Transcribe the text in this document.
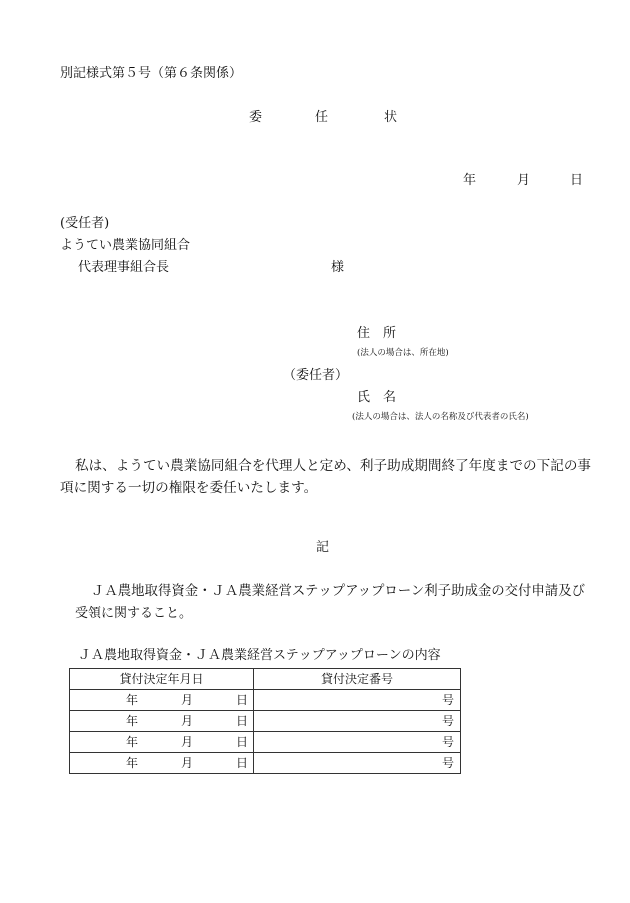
別記様式第５号（第６条関係）
委	任	状
年	月	日
(受任者)
ようてい農業協同組合
代表理事組合長	様
住　所
(法人の場合は、所在地)
（委任者）
氏　名
(法人の場合は、法人の名称及び代表者の氏名)
私は、ようてい農業協同組合を代理人と定め、利子助成期間終了年度までの下記の事
項に関する一切の権限を委任いたします。
記
ＪＡ農地取得資金・ＪＡ農業経営ステップアップローン利子助成金の交付申請及び
受領に関すること。
ＪＡ農地取得資金・ＪＡ農業経営ステップアップローンの内容
貸付決定年月日	貸付決定番号

年 月 日	号

年 月 日	号

年 月 日	号

年 月 日	号
